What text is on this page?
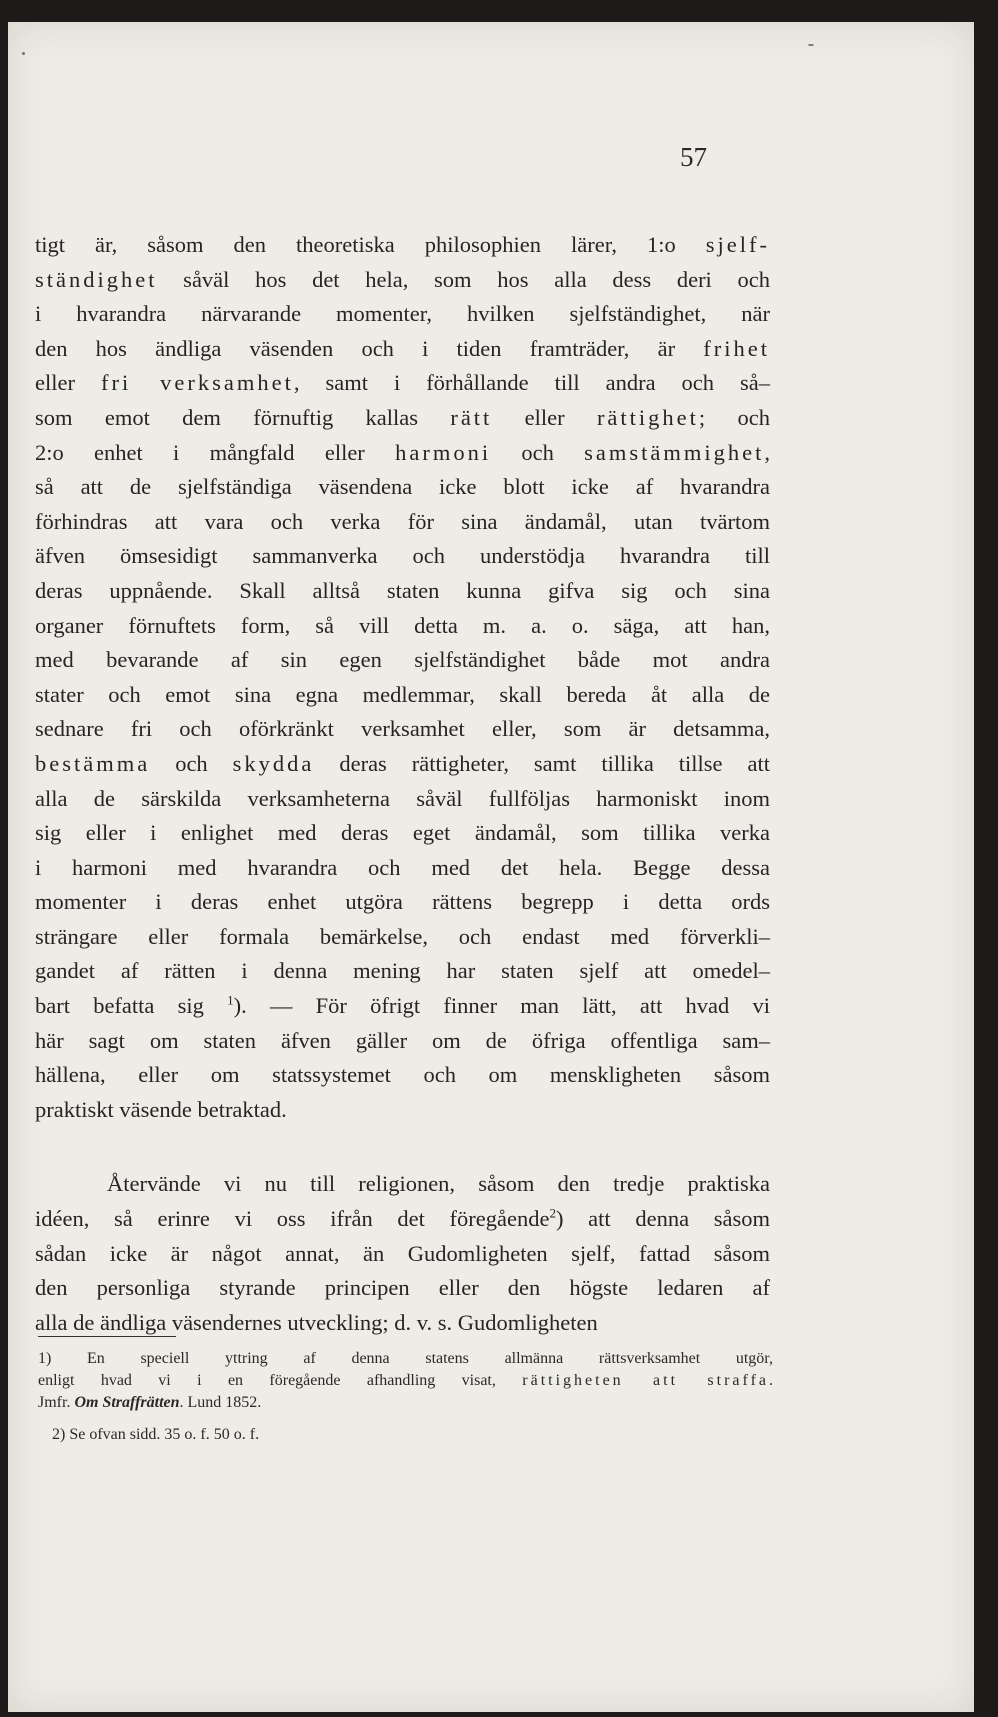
57
tigt är, såsom den theoretiska philosophien lärer, 1:o sjelf-
ständighet såväl hos det hela, som hos alla dess deri och
i hvarandra närvarande momenter, hvilken sjelfständighet, när
den hos ändliga väsenden och i tiden framträder, är frihet
eller fri verksamhet, samt i förhållande till andra och så–
som emot dem förnuftig kallas rätt eller rättighet; och
2:o enhet i mångfald eller harmoni och samstämmighet,
så att de sjelfständiga väsendena icke blott icke af hvarandra
förhindras att vara och verka för sina ändamål, utan tvärtom
äfven ömsesidigt sammanverka och understödja hvarandra till
deras uppnående. Skall alltså staten kunna gifva sig och sina
organer förnuftets form, så vill detta m. a. o. säga, att han,
med bevarande af sin egen sjelfständighet både mot andra
stater och emot sina egna medlemmar, skall bereda åt alla de
sednare fri och oförkränkt verksamhet eller, som är detsamma,
bestämma och skydda deras rättigheter, samt tillika tillse att
alla de särskilda verksamheterna såväl fullföljas harmoniskt inom
sig eller i enlighet med deras eget ändamål, som tillika verka
i harmoni med hvarandra och med det hela. Begge dessa
momenter i deras enhet utgöra rättens begrepp i detta ords
strängare eller formala bemärkelse, och endast med förverkli–
gandet af rätten i denna mening har staten sjelf att omedel–
bart befatta sig $^1$). — För öfrigt finner man lätt, att hvad vi
här sagt om staten äfven gäller om de öfriga offentliga sam–
hällena, eller om statssystemet och om menskligheten såsom
praktiskt väsende betraktad.
Återvände vi nu till religionen, såsom den tredje praktiska
idéen, så erinre vi oss ifrån det föregående$^2$) att denna såsom
sådan icke är något annat, än Gudomligheten sjelf, fattad såsom
den personliga styrande principen eller den högste ledaren af
alla de ändliga väsendernes utveckling; d. v. s. Gudomligheten
1) En speciell yttring af denna statens allmänna rättsverksamhet utgör,
enligt hvad vi i en föregående afhandling visat, rättigheten att straffa.
Jmfr. Om Straffrätten. Lund 1852.
2) Se ofvan sidd. 35 o. f. 50 o. f.
